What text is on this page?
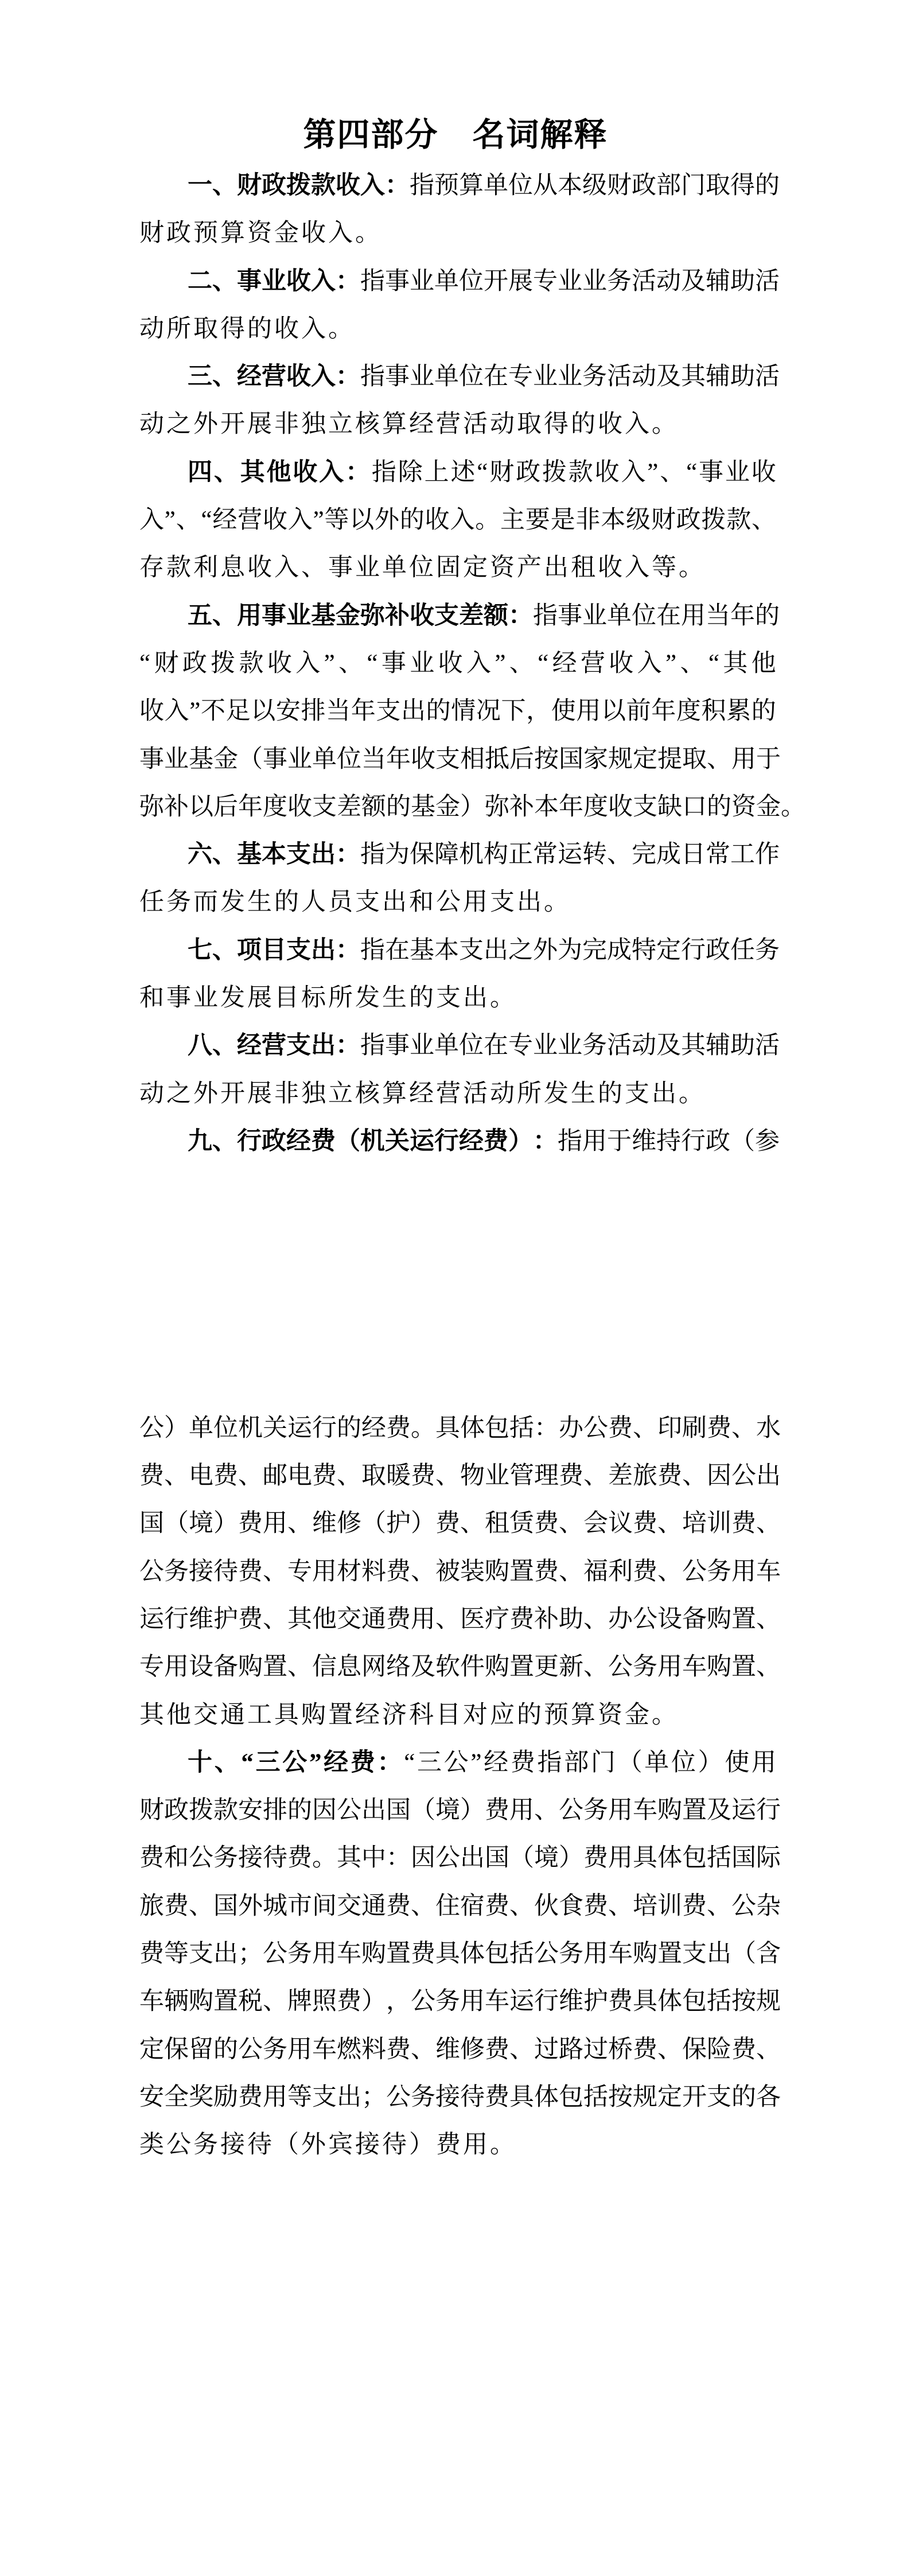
第四部分　名词解释
一 、 财 政 拨 款 收 入 ： 指 预 算 单 位 从 本 级 财 政 部 门 取 得 的
财政预算资金收入。
二 、 事 业 收 入 ： 指 事 业 单 位 开 展 专 业 业 务 活 动 及 辅 助 活
动所取得的收入。
三 、 经 营 收 入 ： 指 事 业 单 位 在 专 业 业 务 活 动 及 其 辅 助 活
动之外开展非独立核算经营活动取得的收入。
四 、 其 他 收 入 ： 指 除 上 述 “ 财 政 拨 款 收 入 ” 、 “ 事 业 收
入 ” 、 “ 经 营 收 入 ” 等 以 外 的 收 入 。 主 要 是 非 本 级 财 政 拨 款 、
存款利息收入、事业单位固定资产出租收入等。
五 、 用 事 业 基 金 弥 补 收 支 差 额 ： 指 事 业 单 位 在 用 当 年 的
“ 财 政 拨 款 收 入 ” 、 “ 事 业 收 入 ” 、 “ 经 营 收 入 ” 、 “ 其 他
收 入 ” 不 足 以 安 排 当 年 支 出 的 情 况 下 ， 使 用 以 前 年 度 积 累 的
事 业 基 金 （ 事 业 单 位 当 年 收 支 相 抵 后 按 国 家 规 定 提 取 、 用 于
弥 补 以 后 年 度 收 支 差 额 的 基 金 ） 弥 补 本 年 度 收 支 缺 口 的 资 金 。
六 、 基 本 支 出 ： 指 为 保 障 机 构 正 常 运 转 、 完 成 日 常 工 作
任务而发生的人员支出和公用支出。
七 、 项 目 支 出 ： 指 在 基 本 支 出 之 外 为 完 成 特 定 行 政 任 务
和事业发展目标所发生的支出。
八 、 经 营 支 出 ： 指 事 业 单 位 在 专 业 业 务 活 动 及 其 辅 助 活
动之外开展非独立核算经营活动所发生的支出。
九 、 行 政 经 费 （ 机 关 运 行 经 费 ） ： 指 用 于 维 持 行 政 （ 参
公 ） 单 位 机 关 运 行 的 经 费 。 具 体 包 括 ： 办 公 费 、 印 刷 费 、 水
费 、 电 费 、 邮 电 费 、 取 暖 费 、 物 业 管 理 费 、 差 旅 费 、 因 公 出
国 （ 境 ） 费 用 、 维 修 （ 护 ） 费 、 租 赁 费 、 会 议 费 、 培 训 费 、
公 务 接 待 费 、 专 用 材 料 费 、 被 装 购 置 费 、 福 利 费 、 公 务 用 车
运 行 维 护 费 、 其 他 交 通 费 用 、 医 疗 费 补 助 、 办 公 设 备 购 置 、
专 用 设 备 购 置 、 信 息 网 络 及 软 件 购 置 更 新 、 公 务 用 车 购 置 、
其他交通工具购置经济科目对应的预算资金。
十 、 “ 三 公 ” 经 费 ： “ 三 公 ” 经 费 指 部 门 （ 单 位 ） 使 用
财 政 拨 款 安 排 的 因 公 出 国 （ 境 ） 费 用 、 公 务 用 车 购 置 及 运 行
费 和 公 务 接 待 费 。 其 中 ： 因 公 出 国 （ 境 ） 费 用 具 体 包 括 国 际
旅 费 、 国 外 城 市 间 交 通 费 、 住 宿 费 、 伙 食 费 、 培 训 费 、 公 杂
费 等 支 出 ； 公 务 用 车 购 置 费 具 体 包 括 公 务 用 车 购 置 支 出 （ 含
车 辆 购 置 税 、 牌 照 费 ） ， 公 务 用 车 运 行 维 护 费 具 体 包 括 按 规
定 保 留 的 公 务 用 车 燃 料 费 、 维 修 费 、 过 路 过 桥 费 、 保 险 费 、
安 全 奖 励 费 用 等 支 出 ； 公 务 接 待 费 具 体 包 括 按 规 定 开 支 的 各
类公务接待（外宾接待）费用。
